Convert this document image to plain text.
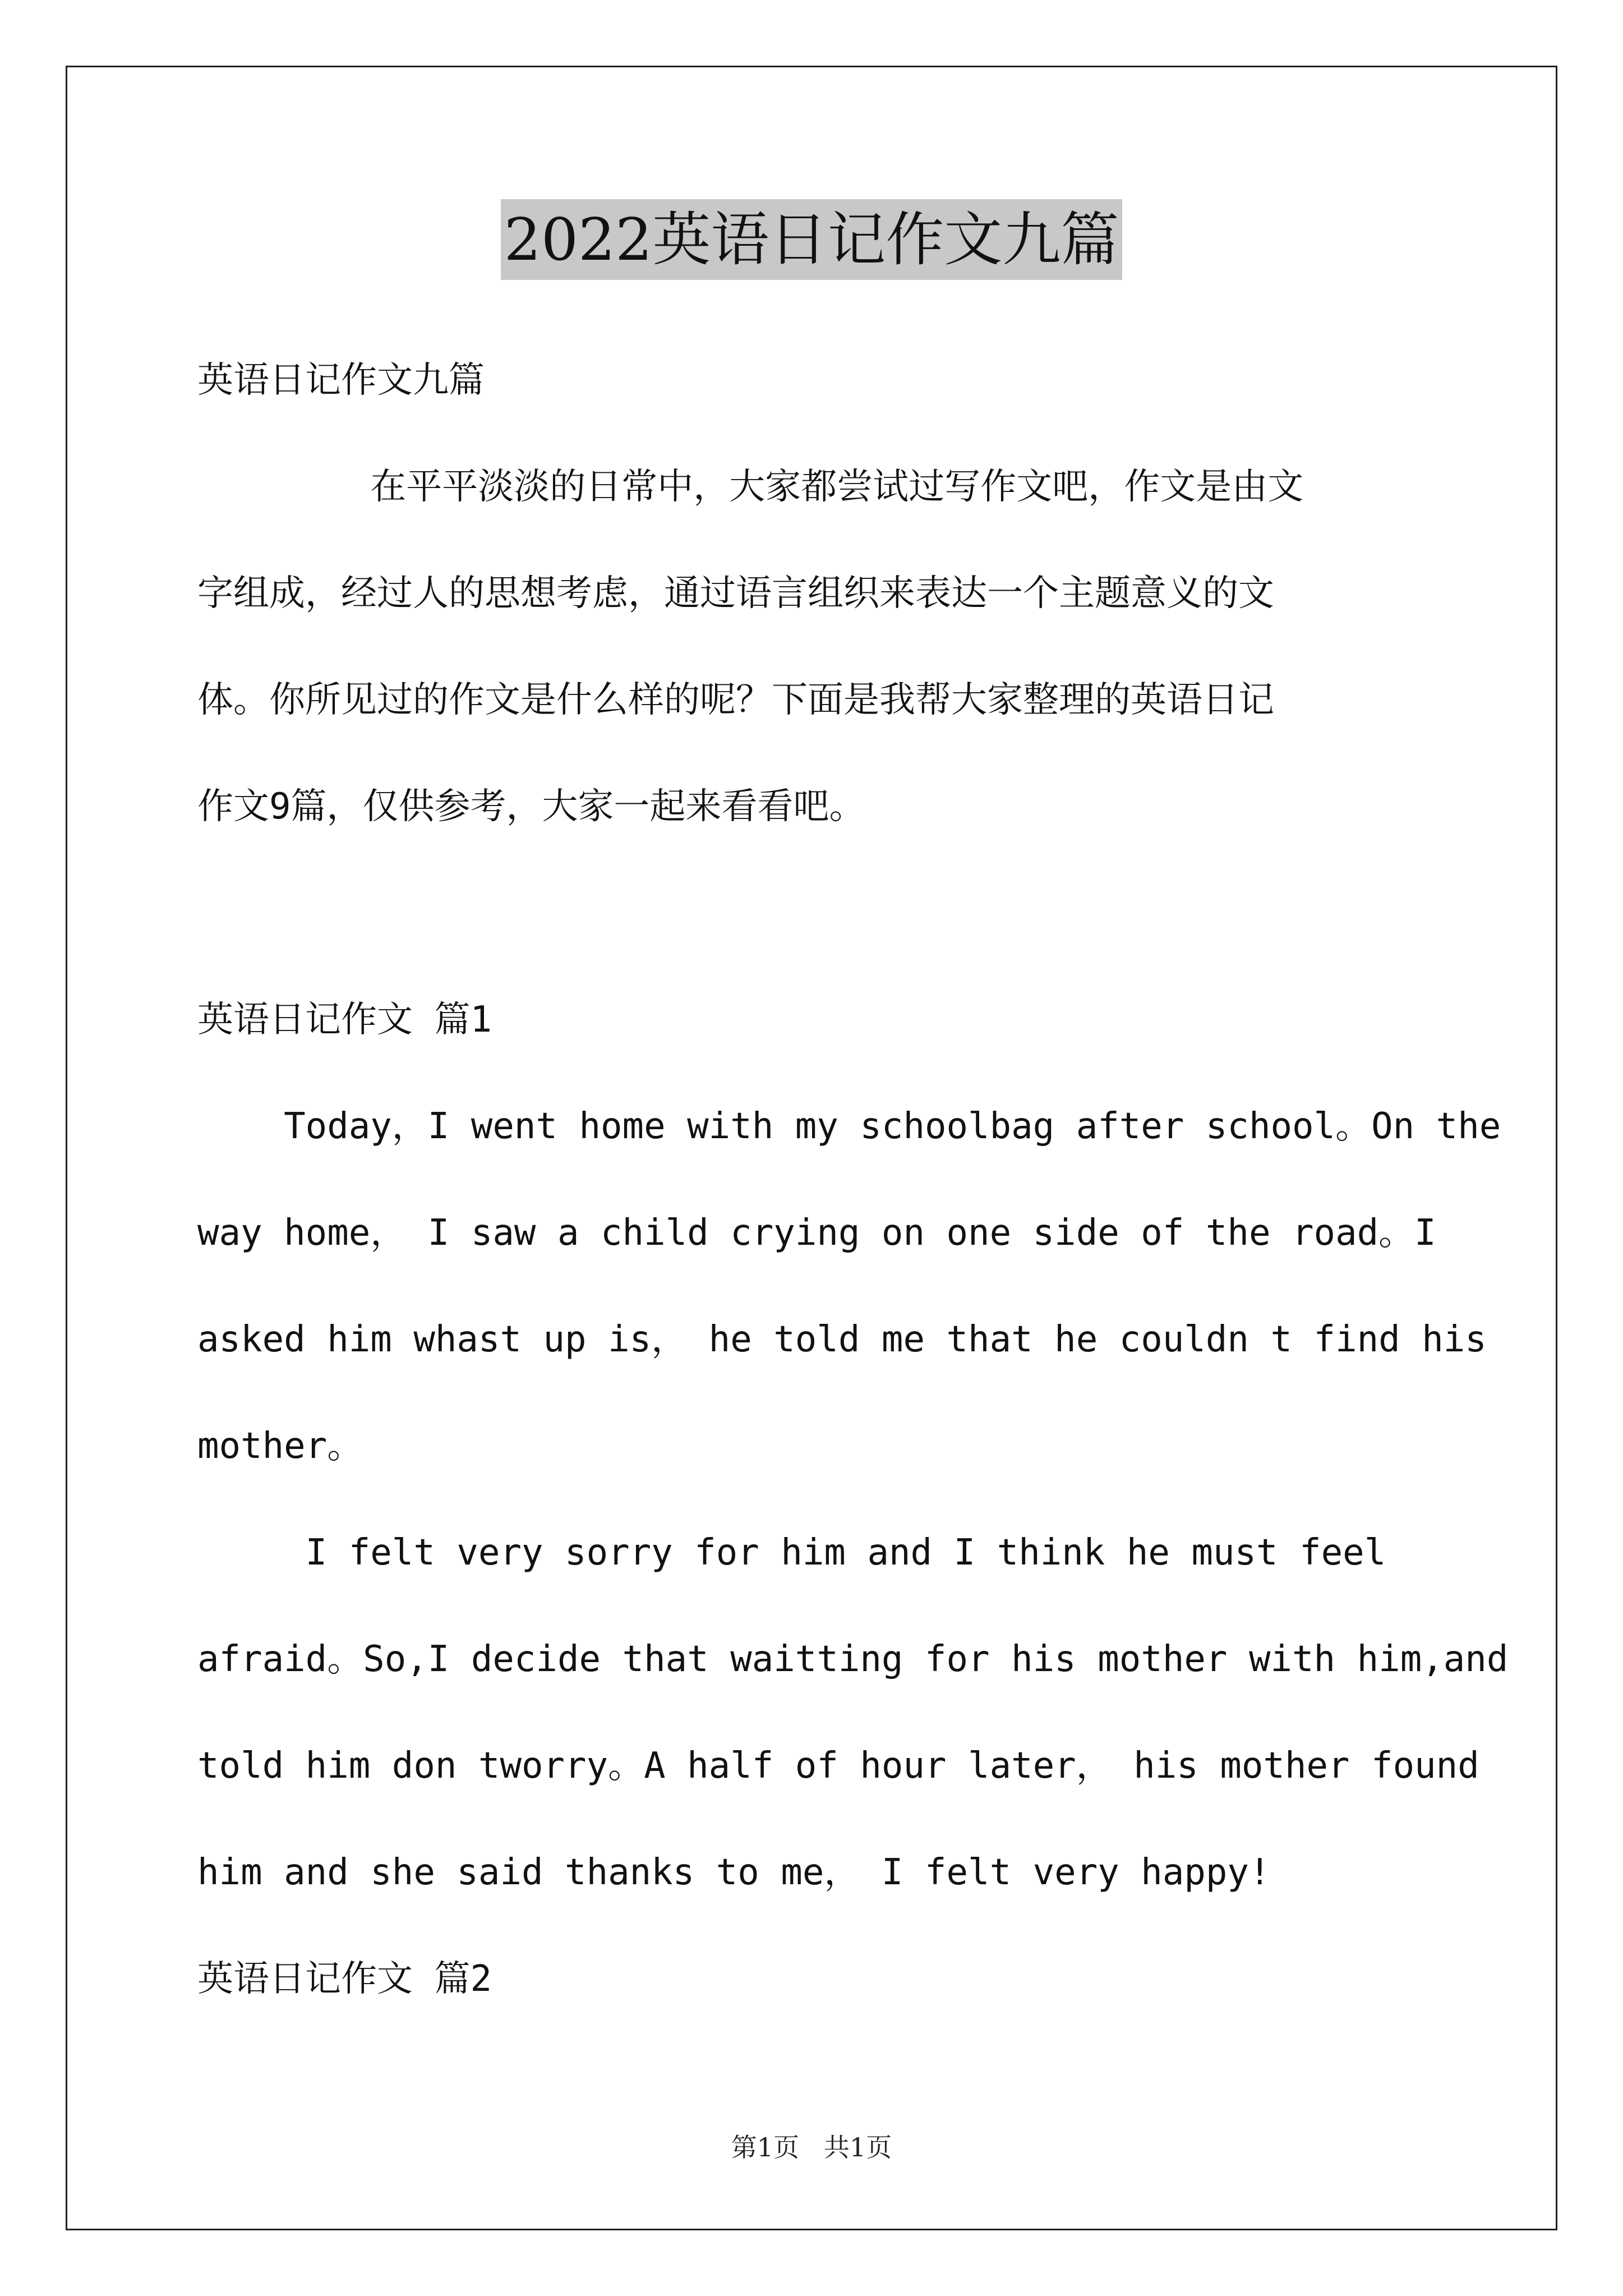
2022英语日记作文九篇
英语日记作文九篇
在平平淡淡的日常中，大家都尝试过写作文吧，作文是由文
字组成，经过人的思想考虑，通过语言组织来表达一个主题意义的文
体。你所见过的作文是什么样的呢？下面是我帮大家整理的英语日记
作文9篇，仅供参考，大家一起来看看吧。
英语日记作文 篇1
Today，I went home with my schoolbag after school。On the
way home， I saw a child crying on one side of the road。I
asked him whast up is， he told me that he couldn t find his
mother。
I felt very sorry for him and I think he must feel
afraid。So,I decide that waitting for his mother with him,and
told him don tworry。A half of hour later， his mother found
him and she said thanks to me， I felt very happy!
英语日记作文 篇2
第1页   共1页
